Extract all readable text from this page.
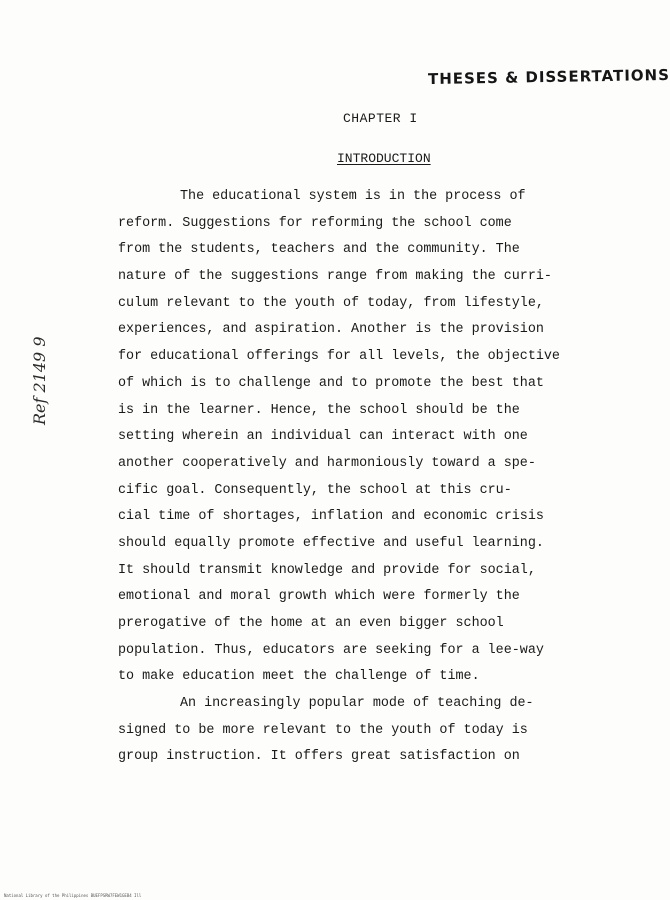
THESES & DISSERTATIONS
CHAPTER I
INTRODUCTION
Ref 2149 9
The educational system is in the process of
reform. Suggestions for reforming the school come
from the students, teachers and the community. The
nature of the suggestions range from making the curri-
culum relevant to the youth of today, from lifestyle,
experiences, and aspiration. Another is the provision
for educational offerings for all levels, the objective
of which is to challenge and to promote the best that
is in the learner. Hence, the school should be the
setting wherein an individual can interact with one
another cooperatively and harmoniously toward a spe-
cific goal. Consequently, the school at this cru-
cial time of shortages, inflation and economic crisis
should equally promote effective and useful learning.
It should transmit knowledge and provide for social,
emotional and moral growth which were formerly the
prerogative of the home at an even bigger school
population. Thus, educators are seeking for a lee-way
to make education meet the challenge of time.
An increasingly popular mode of teaching de-
signed to be more relevant to the youth of today is
group instruction. It offers great satisfaction on
National Library of the Philippines BUEFPSRW7FEW1GEB4 Ill
